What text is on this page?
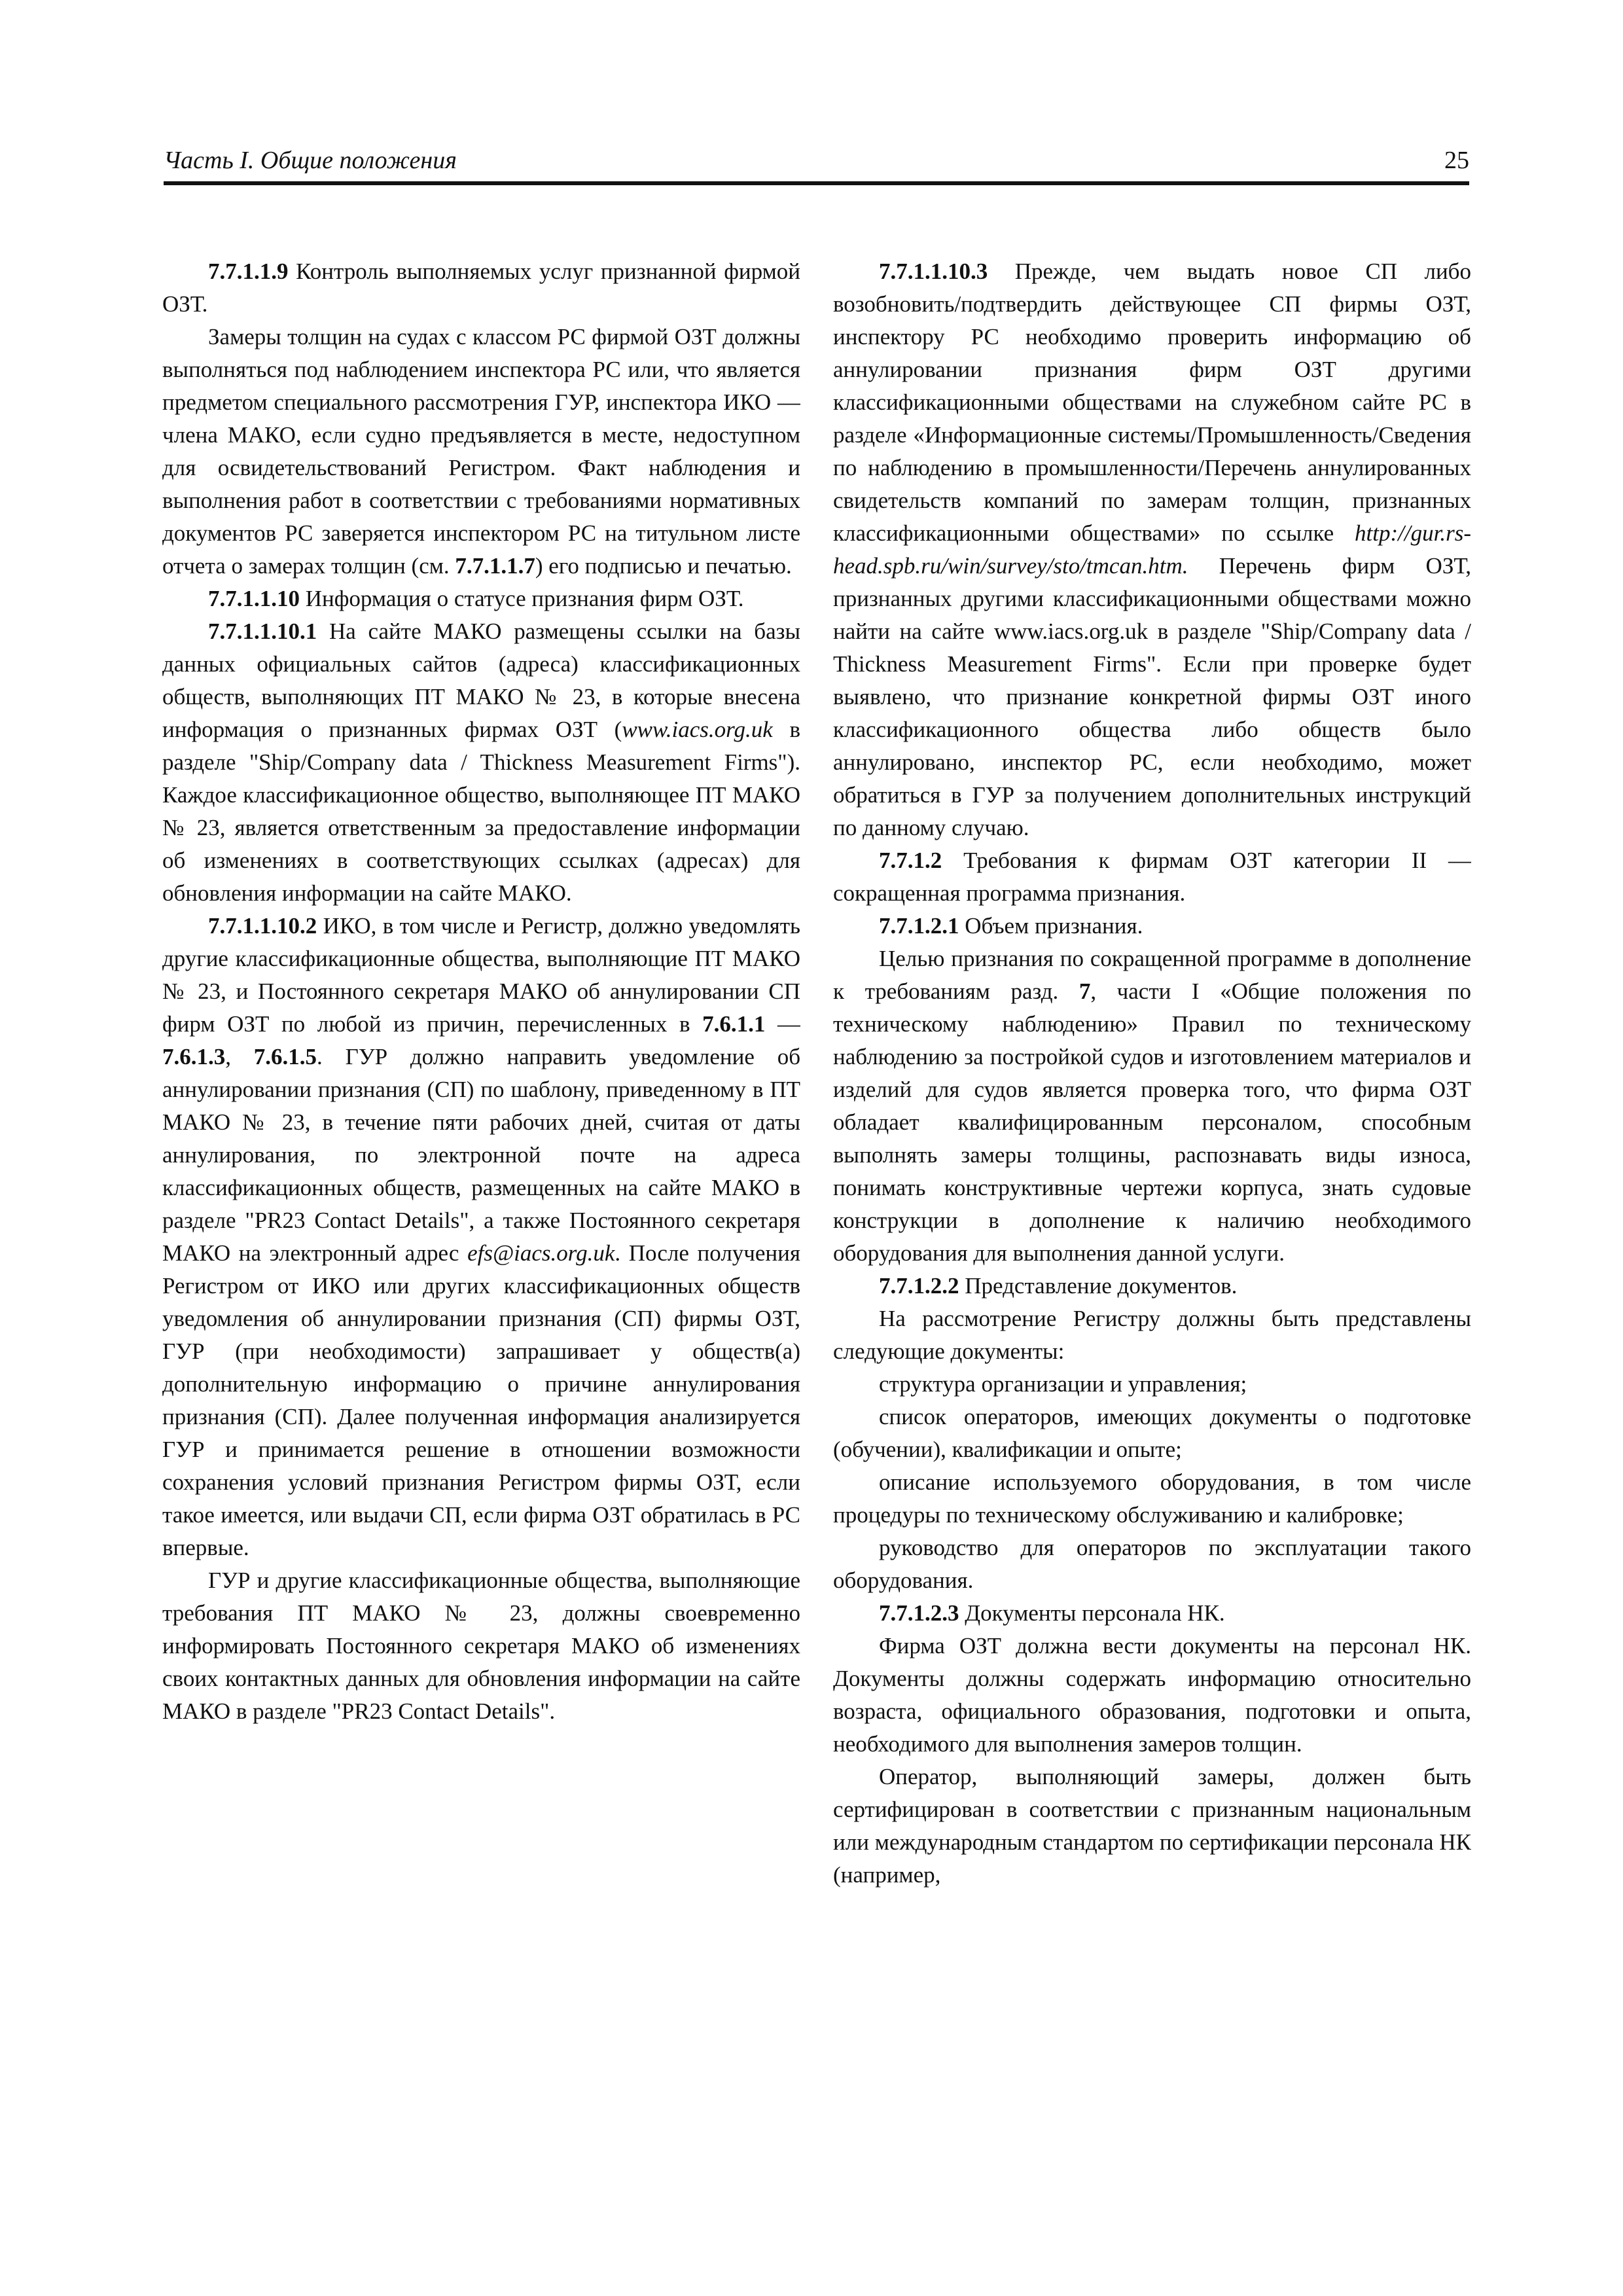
Часть I. Общие положения	25

7.7.1.1.9 Контроль выполняемых услуг признанной фирмой ОЗТ.

Замеры толщин на судах с классом РС фирмой ОЗТ должны выполняться под наблюдением инспектора РС или, что является предметом специального рассмотрения ГУР, инспектора ИКО — члена МАКО, если судно предъявляется в месте, недоступном для освидетельствований Регистром. Факт наблюдения и выполнения работ в соответствии с требованиями нормативных документов РС заверяется инспектором РС на титульном листе отчета о замерах толщин (см. 7.7.1.1.7) его подписью и печатью.

7.7.1.1.10 Информация о статусе признания фирм ОЗТ.

7.7.1.1.10.1 На сайте МАКО размещены ссылки на базы данных официальных сайтов (адреса) классификационных обществ, выполняющих ПТ МАКО № 23, в которые внесена информация о признанных фирмах ОЗТ (www.iacs.org.uk в разделе "Ship/Company data / Thickness Measurement Firms"). Каждое классификационное общество, выполняющее ПТ МАКО № 23, является ответственным за предоставление информации об изменениях в соответствующих ссылках (адресах) для обновления информации на сайте МАКО.

7.7.1.1.10.2 ИКО, в том числе и Регистр, должно уведомлять другие классификационные общества, выполняющие ПТ МАКО № 23, и Постоянного секретаря МАКО об аннулировании СП фирм ОЗТ по любой из причин, перечисленных в 7.6.1.1 — 7.6.1.3, 7.6.1.5. ГУР должно направить уведомление об аннулировании признания (СП) по шаблону, приведенному в ПТ МАКО № 23, в течение пяти рабочих дней, считая от даты аннулирования, по электронной почте на адреса классификационных обществ, размещенных на сайте МАКО в разделе "PR23 Contact Details", а также Постоянного секретаря МАКО на электронный адрес efs@iacs.org.uk. После получения Регистром от ИКО или других классификационных обществ уведомления об аннулировании признания (СП) фирмы ОЗТ, ГУР (при необходимости) запрашивает у обществ(а) дополнительную информацию о причине аннулирования признания (СП). Далее полученная информация анализируется ГУР и принимается решение в отношении возможности сохранения условий признания Регистром фирмы ОЗТ, если такое имеется, или выдачи СП, если фирма ОЗТ обратилась в РС впервые.

ГУР и другие классификационные общества, выполняющие требования ПТ МАКО № 23, должны своевременно информировать Постоянного секретаря МАКО об изменениях своих контактных данных для обновления информации на сайте МАКО в разделе "PR23 Contact Details".

7.7.1.1.10.3 Прежде, чем выдать новое СП либо возобновить/подтвердить действующее СП фирмы ОЗТ, инспектору РС необходимо проверить информацию об аннулировании признания фирм ОЗТ другими классификационными обществами на служебном сайте РС в разделе «Информационные системы/Промышленность/Сведения по наблюдению в промышленности/Перечень аннулированных свидетельств компаний по замерам толщин, признанных классификационными обществами» по ссылке http://gur.rs-head.spb.ru/win/survey/sto/tmcan.htm. Перечень фирм ОЗТ, признанных другими классификационными обществами можно найти на сайте www.iacs.org.uk в разделе "Ship/Company data / Thickness Measurement Firms". Если при проверке будет выявлено, что признание конкретной фирмы ОЗТ иного классификационного общества либо обществ было аннулировано, инспектор РС, если необходимо, может обратиться в ГУР за получением дополнительных инструкций по данному случаю.

7.7.1.2 Требования к фирмам ОЗТ категории II — сокращенная программа признания.

7.7.1.2.1 Объем признания.

Целью признания по сокращенной программе в дополнение к требованиям разд. 7, части I «Общие положения по техническому наблюдению» Правил по техническому наблюдению за постройкой судов и изготовлением материалов и изделий для судов является проверка того, что фирма ОЗТ обладает квалифицированным персоналом, способным выполнять замеры толщины, распознавать виды износа, понимать конструктивные чертежи корпуса, знать судовые конструкции в дополнение к наличию необходимого оборудования для выполнения данной услуги.

7.7.1.2.2 Представление документов.

На рассмотрение Регистру должны быть представлены следующие документы:

структура организации и управления;

список операторов, имеющих документы о подготовке (обучении), квалификации и опыте;

описание используемого оборудования, в том числе процедуры по техническому обслуживанию и калибровке;

руководство для операторов по эксплуатации такого оборудования.

7.7.1.2.3 Документы персонала НК.

Фирма ОЗТ должна вести документы на персонал НК. Документы должны содержать информацию относительно возраста, официального образования, подготовки и опыта, необходимого для выполнения замеров толщин.

Оператор, выполняющий замеры, должен быть сертифицирован в соответствии с признанным национальным или международным стандартом по сертификации персонала НК (например,
